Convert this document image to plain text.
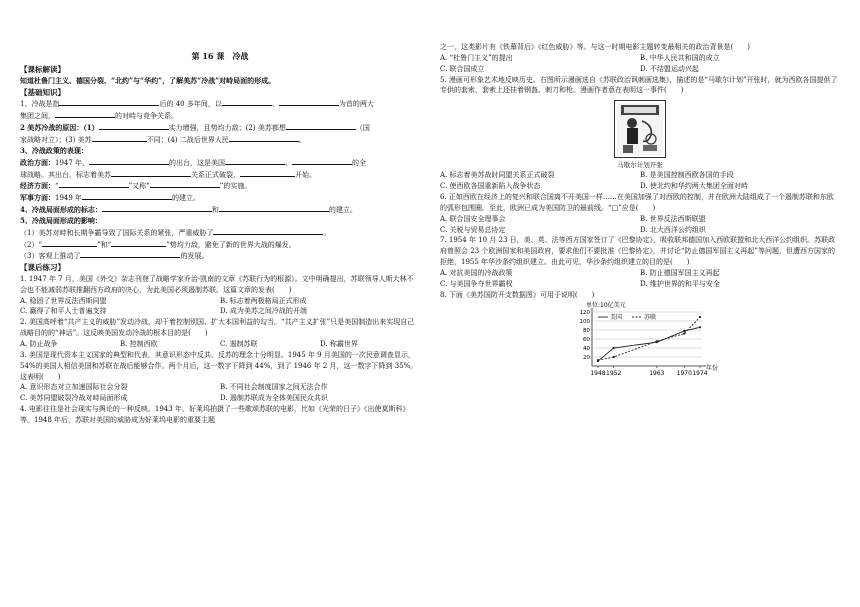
第 16 课　冷战
【课标解读】
知道杜鲁门主义、德国分裂、“北约”与“华约”，了解美苏“冷战”对峙局面的形成。
【基础知识】
1、冷战是指	后的 40 多年间，以	、	为首的两大
集团之间，	的对峙与竞争关系。
2 美苏冷战的原因：（1）	实力增强，且势均力敌；(2) 美苏都想	（国
家战略对立）；(3) 美苏	不同；(4) 二战后世界人民	。
3、冷战政策的表现：
政治方面：1947 年，	的出台，这是美国	、	的全
球战略。其出台，标志着美苏	关系正式破裂，	开始。
经济方面：“	”又称“	”的实施。
军事方面：1949 年	的建立。
4、冷战局面形成的标志：	和	的建立。
5、冷战局面形成的影响：
（1）美苏对峙和长期争霸导致了国际关系的紧张，严重威胁了	。
（2）“	”和“	”势均力敌，避免了新的世界大战的爆发。
（3）客观上推动了	的发展。
【课后练习】
1. 1947 年 7 月，美国《外交》杂志刊登了战略学家乔治·凯南的文章《苏联行为的根源》。文中明确提出，苏联领导人斯大林不会也不能减弱苏联推翻西方政府的决心，为此美国必须遏制苏联。这篇文章的发表(　　)
A. 稳固了世界反法西斯同盟	B. 标志着两极格局正式形成
C. 赢得了和平人士普遍支持	D. 成为美苏之间冷战的开端
2. 美国高呼着“共产主义的威胁”发动冷战，却干着控制别国、扩大本国利益的勾当。“共产主义扩张”只是美国制造出来实现自己战略目的的“神话”。这反映美国发动冷战的根本目的是(　　)
A. 防止战争	B. 控制西欧	C. 遏制苏联	D. 称霸世界
3. 美国是现代资本主义国家的典型和代表，其意识形态中反共、反苏的理念十分明显。1945 年 9 月美国的一次民意调查显示，54%的美国人相信美国和苏联在战后能够合作。两个月后，这一数字下降到 44%，到了 1946 年 2 月，这一数字下降到 35%。这表明(　　)
A. 意识形态对立加速国际社会分裂	B. 不同社会制度国家之间无法合作
C. 美苏同盟破裂冷战对峙局面形成	D. 遏制苏联成为全体美国民众共识
4. 电影往往是社会现实与舆论的一种反映。1943 年，好莱坞拍摄了一些歌颂苏联的电影，比如《光荣的日子》《出使莫斯科》等。1948 年后，苏联对美国的威胁成为好莱坞电影的重要主题
之一，这类影片有《铁幕背后》《红色威胁》等。与这一时期电影主题转变最相关的政治背景是(　　)
A. “杜鲁门主义”的提出	B. 中华人民共和国的成立
C. 联合国成立	D. 不结盟运动兴起
5. 漫画可形象艺术地反映历史。右图所示漫画选自《苏联政治讽刺画选集》，描述的是“马歇尔计划”开张时，就为西欧各国提供了专供的套索，套索上还挂着钢盔、刺刀和枪。漫画作者意在表明这一事件(　　)
马歇尔计划开张
A. 标志着美苏战时同盟关系正式破裂	B. 是美国控制西欧各国的手段
C. 使西欧各国重新陷入战争状态	D. 使北约和华约两大集团全面对峙
6. 正如西欧在经济上的复兴和联合国离不开美国一样……在美国加强了对西欧的控制，并在欧洲大陆组成了一个遏制苏联和东欧的弧形包围圈。至此，欧洲已成为美国防卫的最前线。“□”应是(　　)
A. 联合国安全理事会	B. 世界反法西斯联盟
C. 关税与贸易总协定	D. 北大西洋公约组织
7. 1954 年 10 月 23 日，美、英、法等西方国家签订了《巴黎协定》，吸收联邦德国加入西欧联盟和北大西洋公约组织。苏联政府曾照会 23 个欧洲国家和美国政府，要求他们不要批准《巴黎协定》，并讨论“防止德国军国主义再起”等问题，但遭西方国家的拒绝，1955 年华沙条约组织建立。由此可见，华沙条约组织建立的目的是(　　)
A. 对抗美国的冷战政策	B. 防止德国军国主义再起
C. 与美国争夺世界霸权	D. 维护世界的和平与安全
8. 下面《美苏国防开支数据图》可用于说明(　　)
单位:10亿美元
年份
20
40
60
80
100
120
1948 1952	1963 1970 1974
美国	苏联
